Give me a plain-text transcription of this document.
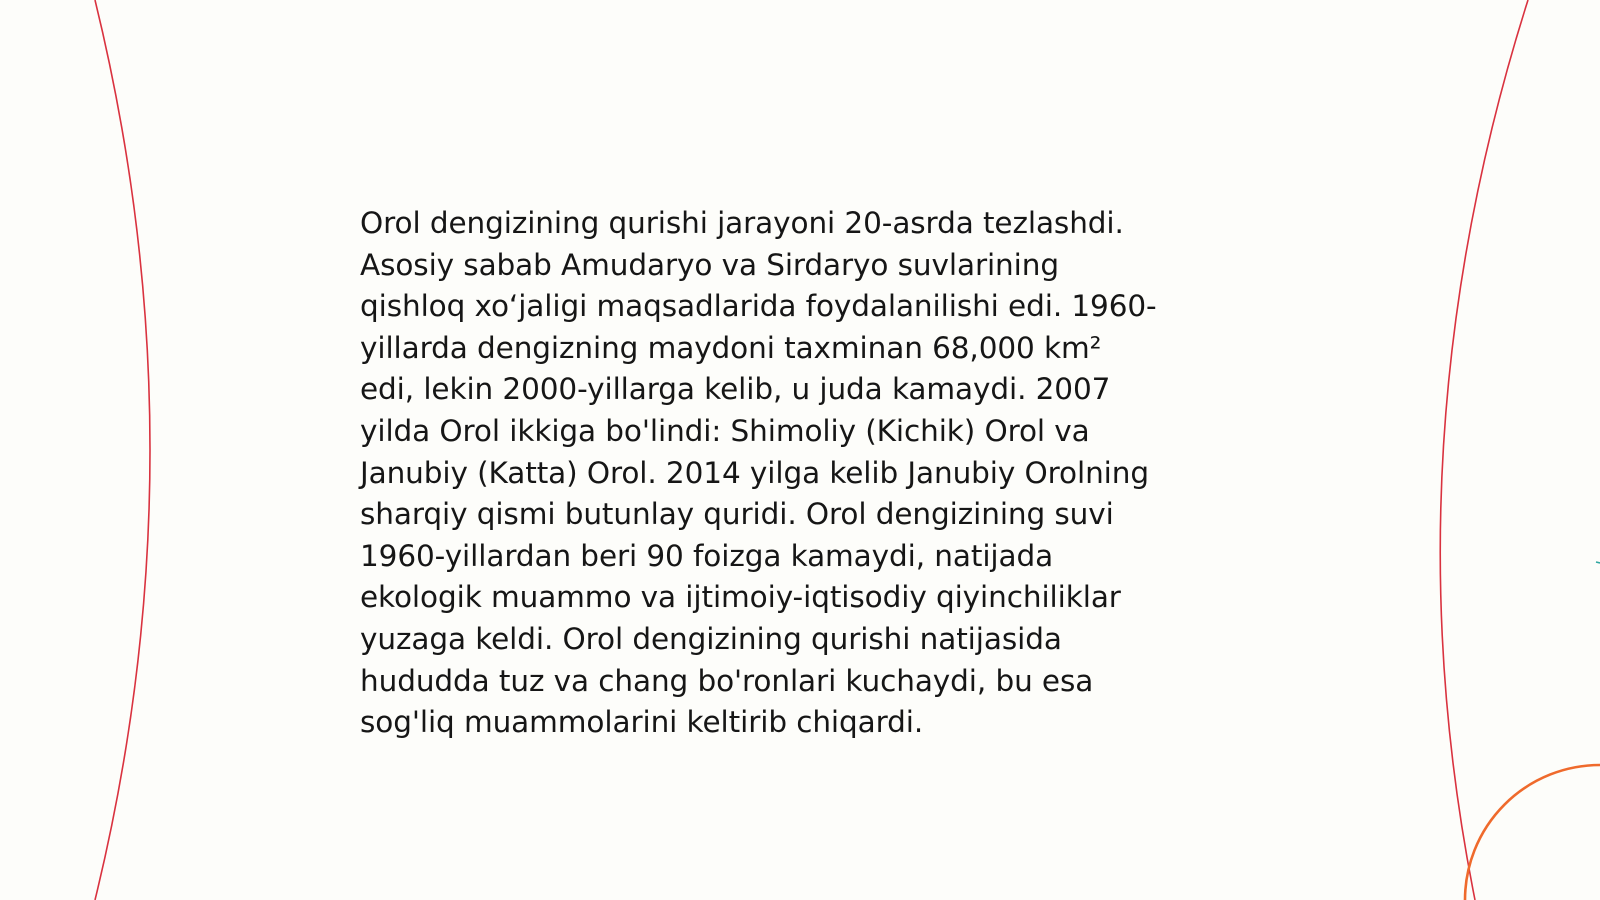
Orol dengizining qurishi jarayoni 20-asrda tezlashdi.
Asosiy sabab Amudaryo va Sirdaryo suvlarining
qishloq xo‘jaligi maqsadlarida foydalanilishi edi. 1960-
yillarda dengizning maydoni taxminan 68,000 km²
edi, lekin 2000-yillarga kelib, u juda kamaydi. 2007
yilda Orol ikkiga bo'lindi: Shimoliy (Kichik) Orol va
Janubiy (Katta) Orol. 2014 yilga kelib Janubiy Orolning
sharqiy qismi butunlay quridi. Orol dengizining suvi
1960-yillardan beri 90 foizga kamaydi, natijada
ekologik muammo va ijtimoiy-iqtisodiy qiyinchiliklar
yuzaga keldi. Orol dengizining qurishi natijasida
hududda tuz va chang bo'ronlari kuchaydi, bu esa
sog'liq muammolarini keltirib chiqardi.
